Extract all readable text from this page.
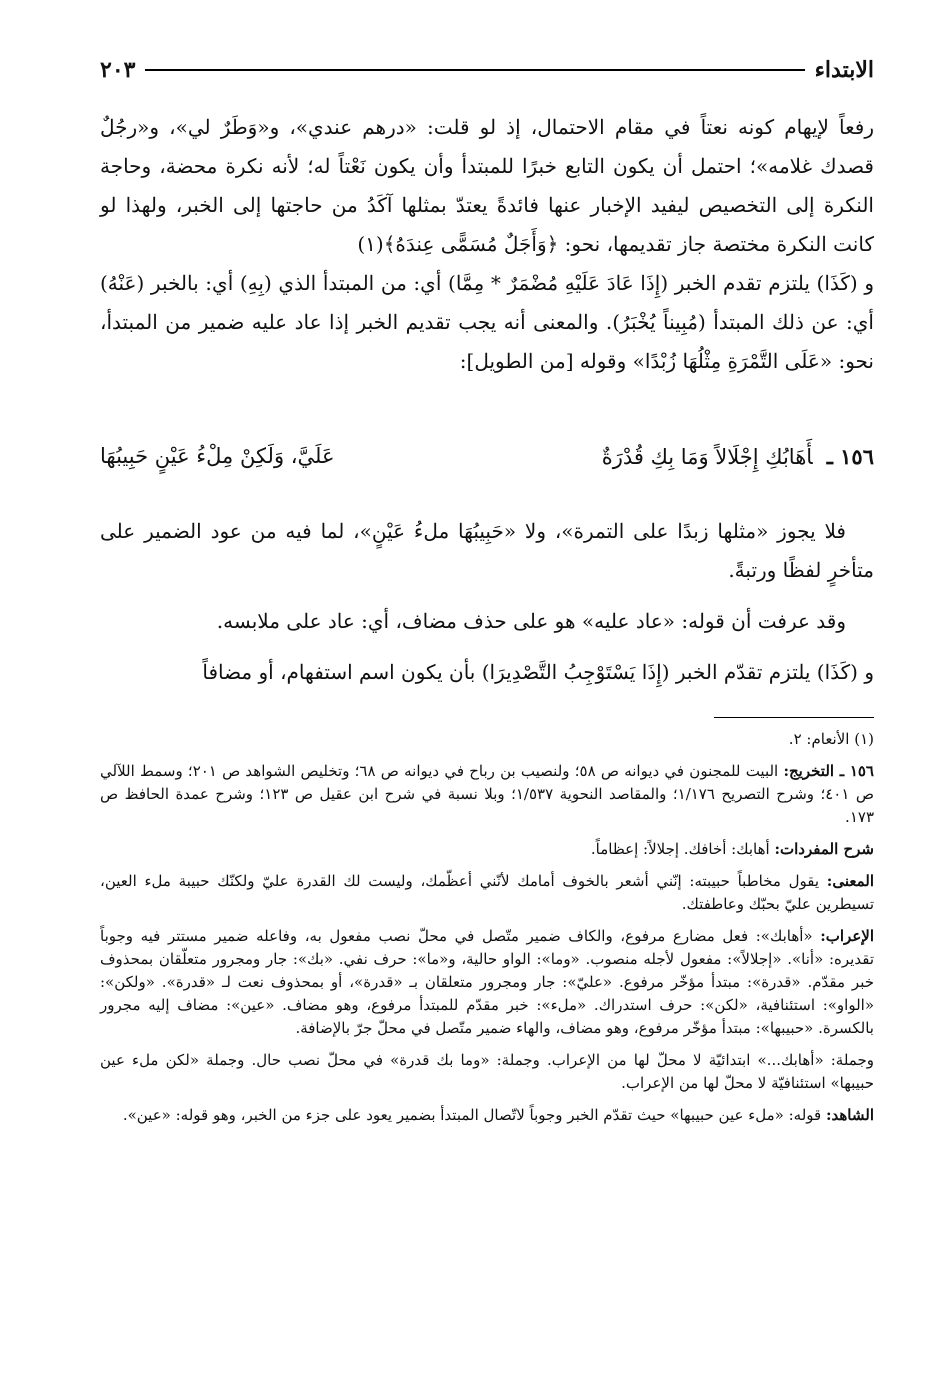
الابتداء
٢٠٣

رفعاً لإيهام كونه نعتاً في مقام الاحتمال، إذ لو قلت: «درهم عندي»، و«وَطَرٌ لي»، و«رجُلٌ قصدك غلامه»؛ احتمل أن يكون التابع خبرًا للمبتدأ وأن يكون نَعْتاً له؛ لأنه نكرة محضة، وحاجة النكرة إلى التخصيص ليفيد الإخبار عنها فائدةً يعتدّ بمثلها آكَدُ من حاجتها إلى الخبر، ولهذا لو كانت النكرة مختصة جاز تقديمها، نحو: ﴿وَأَجَلٌ مُسَمًّى عِندَهُ﴾(١)

و (كَذَا) يلتزم تقدم الخبر (إِذَا عَادَ عَلَيْهِ مُضْمَرٌ * مِمَّا) أي: من المبتدأ الذي (بِهِ) أي: بالخبر (عَنْهُ) أي: عن ذلك المبتدأ (مُبِيناً يُخْبَرُ). والمعنى أنه يجب تقديم الخبر إذا عاد عليه ضمير من المبتدأ، نحو: «عَلَى التَّمْرَةِ مِثْلُهَا زُبْدًا» وقوله [من الطويل]:

١٥٦ ـأَهَابُكِ إِجْلَالاً وَمَا بِكِ قُدْرَةٌ
عَلَيَّ، وَلَكِنْ مِلْءُ عَيْنٍ حَبِيبُهَا

فلا يجوز «مثلها زبدًا على التمرة»، ولا «حَبِيبُهَا ملءُ عَيْنٍ»، لما فيه من عود الضمير على متأخرٍ لفظًا ورتبةً.

وقد عرفت أن قوله: «عاد عليه» هو على حذف مضاف، أي: عاد على ملابسه.

و (كَذَا) يلتزم تقدّم الخبر (إِذَا يَسْتَوْجِبُ التَّصْدِيرَا) بأن يكون اسم استفهام، أو مضافاً

(١) الأنعام: ٢.

١٥٦ ـ التخريج: البيت للمجنون في ديوانه ص ٥٨؛ ولنصيب بن رباح في ديوانه ص ٦٨؛ وتخليص الشواهد ص ٢٠١؛ وسمط اللآلي ص ٤٠١؛ وشرح التصريح ١/١٧٦؛ والمقاصد النحوية ١/٥٣٧؛ وبلا نسبة في شرح ابن عقيل ص ١٢٣؛ وشرح عمدة الحافظ ص ١٧٣.

شرح المفردات: أهابك: أخافك. إجلالاً: إعظاماً.

المعنى: يقول مخاطباً حبيبته: إنّني أشعر بالخوف أمامك لأنّني أعظّمك، وليست لك القدرة عليّ ولكنّك حبيبة ملء العين، تسيطرين عليّ بحبّك وعاطفتك.

الإعراب: «أهابك»: فعل مضارع مرفوع، والكاف ضمير متّصل في محلّ نصب مفعول به، وفاعله ضمير مستتر فيه وجوباً تقديره: «أنا». «إجلالاً»: مفعول لأجله منصوب. «وما»: الواو حالية، و«ما»: حرف نفي. «بك»: جار ومجرور متعلّقان بمحذوف خبر مقدّم. «قدرة»: مبتدأ مؤخّر مرفوع. «عليّ»: جار ومجرور متعلقان بـ «قدرة»، أو بمحذوف نعت لـ «قدرة». «ولكن»: «الواو»: استئنافية، «لكن»: حرف استدراك. «ملء»: خبر مقدّم للمبتدأ مرفوع، وهو مضاف. «عين»: مضاف إليه مجرور بالكسرة. «حبيبها»: مبتدأ مؤخّر مرفوع، وهو مضاف، والهاء ضمير متّصل في محلّ جرّ بالإضافة.

وجملة: «أهابك...» ابتدائيّة لا محلّ لها من الإعراب. وجملة: «وما بك قدرة» في محلّ نصب حال. وجملة «لكن ملء عين حبيبها» استئنافيّة لا محلّ لها من الإعراب.

الشاهد: قوله: «ملء عين حبيبها» حيث تقدّم الخبر وجوباً لاتّصال المبتدأ بضمير يعود على جزء من الخبر، وهو قوله: «عين».
